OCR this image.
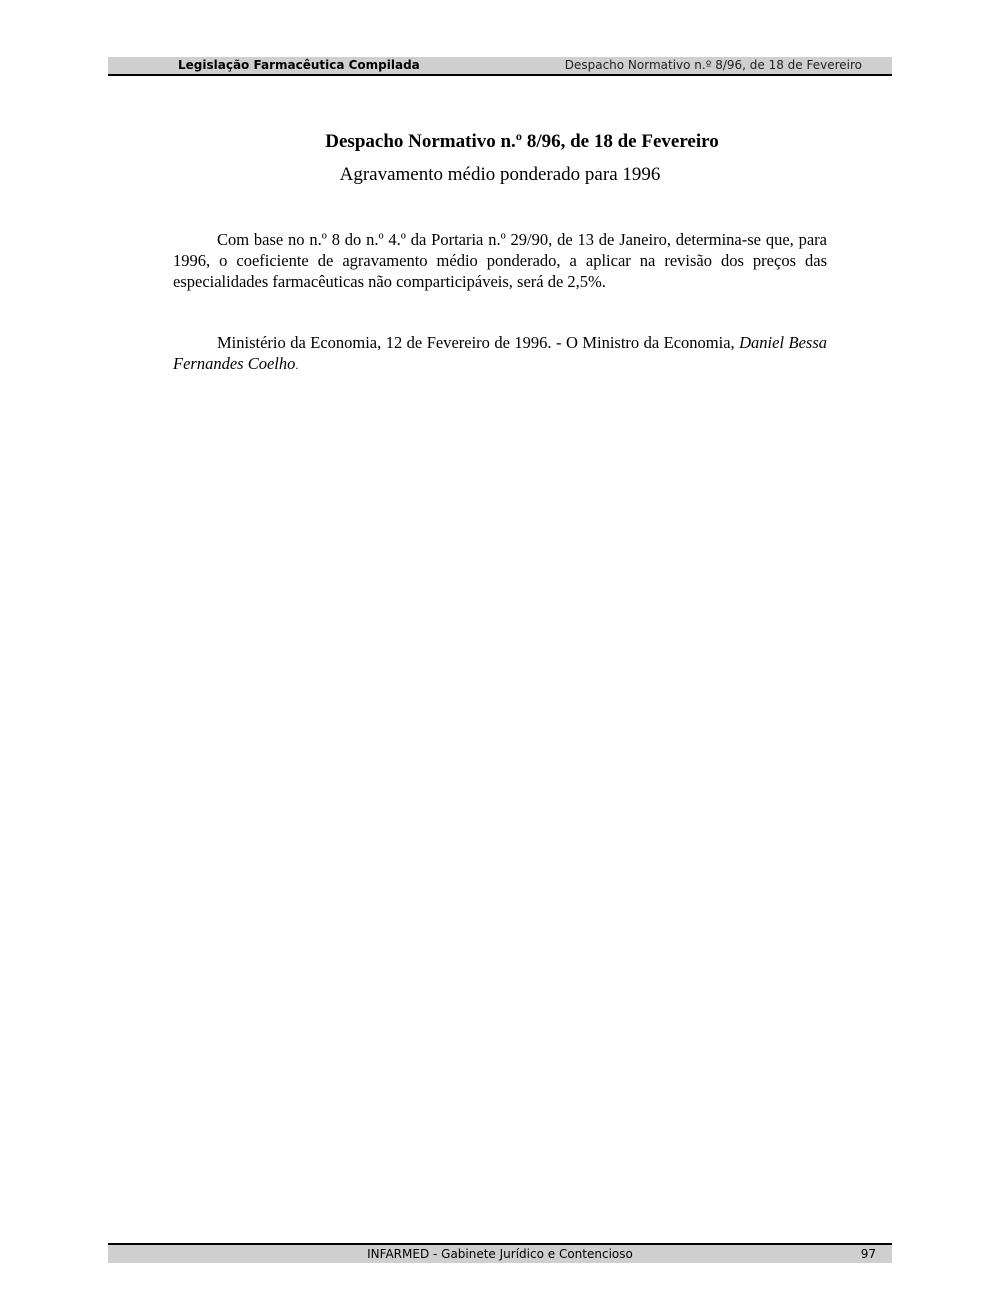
Legislação Farmacêutica Compilada	Despacho Normativo n.º 8/96, de 18 de Fevereiro
Despacho Normativo n.º 8/96, de 18 de Fevereiro
Agravamento médio ponderado para 1996

Com base no n.º 8 do n.º 4.º da Portaria n.º 29/90, de 13 de Janeiro, determina-se que, para 1996, o coeficiente de agravamento médio ponderado, a aplicar na revisão dos preços das especialidades farmacêuticas não comparticipáveis, será de 2,5%.

Ministério da Economia, 12 de Fevereiro de 1996. - O Ministro da Economia, Daniel Bessa Fernandes Coelho.

INFARMED - Gabinete Jurídico e Contencioso	97
